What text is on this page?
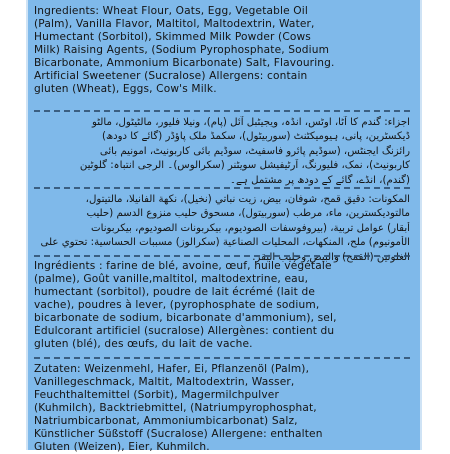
Ingredients: Wheat Flour, Oats, Egg, Vegetable Oil
(Palm), Vanilla Flavor, Maltitol, Maltodextrin, Water,
Humectant (Sorbitol), Skimmed Milk Powder (Cows
Milk) Raising Agents, (Sodium Pyrophosphate, Sodium
Bicarbonate, Ammonium Bicarbonate) Salt, Flavouring.
Artificial Sweetener (Sucralose) Allergens: contain
gluten (Wheat), Eggs, Cow's Milk.
اجزاء: گندم کا آٹا، اوٹس، انڈہ، ویجیٹبل آئل (پام)، ونیلا فلیور، مالٹیٹول، مالٹو
ڈیکسٹرین، پانی، ہیومیکٹنٹ (سوربیٹول)، سکمڈ ملک پاؤڈر (گائے کا دودھ)
رائزنگ ایجنٹس، (سوڈیم پائرو فاسفیٹ، سوڈیم بائی کاربونیٹ، امونیم بائی
کاربونیٹ)، نمک، فلیورنگ، آرٹیفیشل سویٹنر (سکرالوس)۔ الرجی انتباہ: گلوٹین
(گندم)، انڈے، گائے کے دودھ پر مشتمل ہے۔
المكونات: دقيق قمح، شوفان، بيض، زيت نباتي (نخيل)، نكهة الفانيلا، مالتيتول،
مالتوديكسترين، ماء، مرطب (سوربيتول)، مسحوق حليب منزوع الدسم (حليب
أبقار) عوامل تربية، (بيروفوسفات الصوديوم، بيكربونات الصوديوم، بيكربونات
الأمونيوم) ملح، المنكهات، المحليات الصناعية (سكرالوز) مسببات الحساسية: تحتوي على
الغلوتين (القمح) والبيض وحليب البقر.
Ingrédients : farine de blé, avoine, œuf, huile végétale
(palme), Goût vanille,maltitol, maltodextrine, eau,
humectant (sorbitol), poudre de lait écrémé (lait de
vache), poudres à lever, (pyrophosphate de sodium,
bicarbonate de sodium, bicarbonate d'ammonium), sel,
Édulcorant artificiel (sucralose) Allergènes: contient du
gluten (blé), des œufs, du lait de vache.
Zutaten: Weizenmehl, Hafer, Ei, Pflanzenöl (Palm),
Vanillegeschmack, Maltit, Maltodextrin, Wasser,
Feuchthaltemittel (Sorbit), Magermilchpulver
(Kuhmilch), Backtriebmittel, (Natriumpyrophosphat,
Natriumbicarbonat, Ammoniumbicarbonat) Salz,
Künstlicher Süßstoff (Sucralose) Allergene: enthalten
Gluten (Weizen), Eier, Kuhmilch.
